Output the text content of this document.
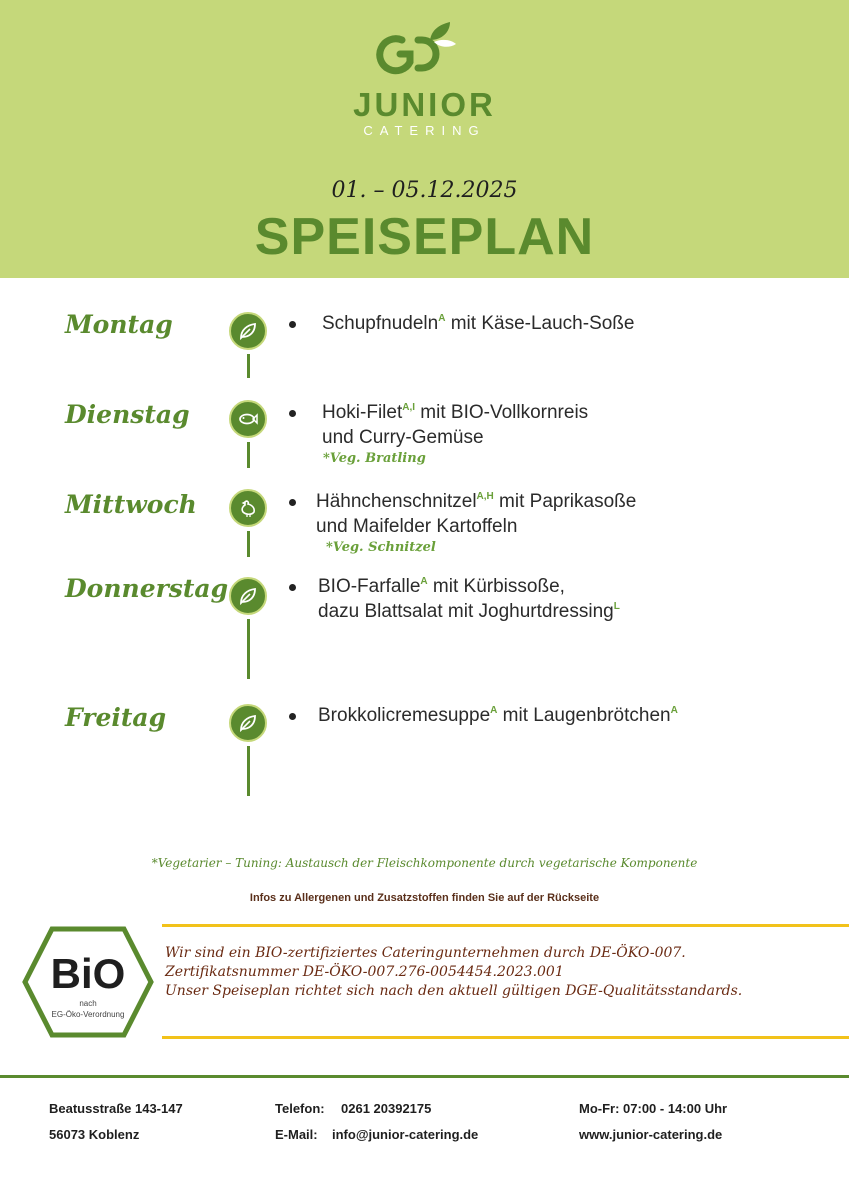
JUNIOR
CATERING
01. – 05.12.2025
SPEISEPLAN
Montag	Schupfnudeln$^A$ mit Käse-Lauch-Soße
Dienstag	Hoki-Filet$^{A,I}$ mit BIO-Vollkornreis
und Curry-Gemüse
*Veg. Bratling
Mittwoch	Hähnchenschnitzel$^{A,H}$ mit Paprikasoße
und Maifelder Kartoffeln
*Veg. Schnitzel
Donnerstag	BIO-Farfalle$^A$ mit Kürbissoße,
dazu Blattsalat mit Joghurtdressing$^L$
Freitag	Brokkolicremesuppe$^A$ mit Laugenbrötchen$^A$
*Vegetarier – Tuning: Austausch der Fleischkomponente durch vegetarische Komponente
Infos zu Allergenen und Zusatzstoffen finden Sie auf der Rückseite
BiO
nach
EG-Öko-Verordnung
Wir sind ein BIO-zertifiziertes Cateringunternehmen durch DE-ÖKO-007.
Zertifikatsnummer DE-ÖKO-007.276-0054454.2023.001
Unser Speiseplan richtet sich nach den aktuell gültigen DGE-Qualitätsstandards.
Beatusstraße 143-147
56073 Koblenz
Telefon: 0261 20392175
E-Mail: info@junior-catering.de
Mo-Fr: 07:00 - 14:00 Uhr
www.junior-catering.de
